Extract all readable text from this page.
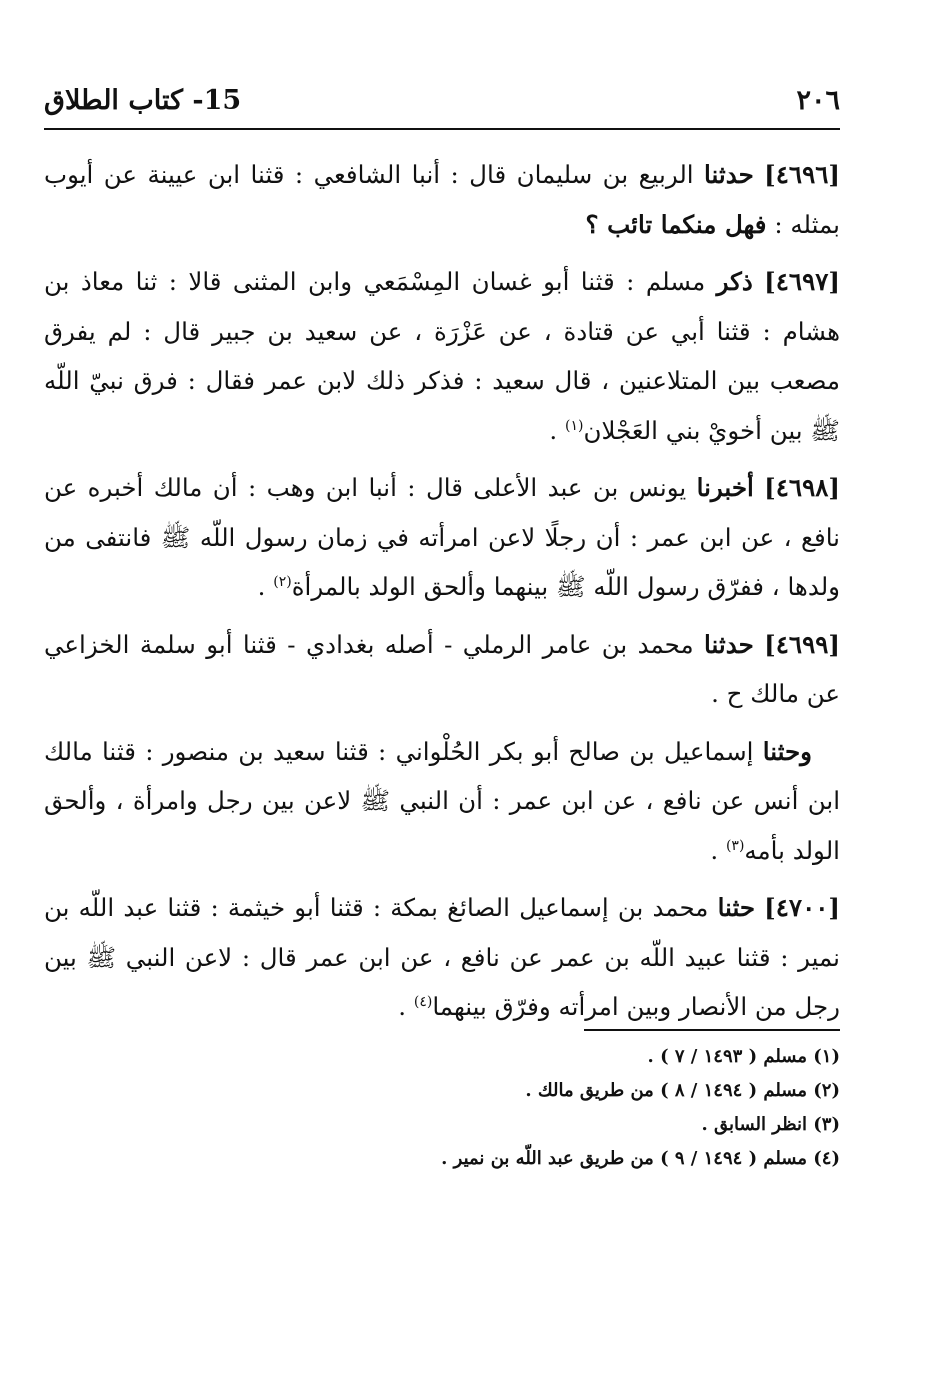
٢٠٦
15- كتاب الطلاق

[٤٦٩٦] حدثنا الربيع بن سليمان قال : أنبا الشافعي : قثنا ابن عيينة عن أيوب بمثله : فهل منكما تائب ؟

[٤٦٩٧] ذكر مسلم : قثنا أبو غسان المِسْمَعي وابن المثنى قالا : ثنا معاذ بن هشام : قثنا أبي عن قتادة ، عن عَزْرَة ، عن سعيد بن جبير قال : لم يفرق مصعب بين المتلاعنين ، قال سعيد : فذكر ذلك لابن عمر فقال : فرق نبيّ اللّه ﷺ بين أخويْ بني العَجْلان$^{(١)}$ .

[٤٦٩٨] أخبرنا يونس بن عبد الأعلى قال : أنبا ابن وهب : أن مالك أخبره عن نافع ، عن ابن عمر : أن رجلًا لاعن امرأته في زمان رسول اللّه ﷺ فانتفى من ولدها ، ففرّق رسول اللّه ﷺ بينهما وألحق الولد بالمرأة$^{(٢)}$ .

[٤٦٩٩] حدثنا محمد بن عامر الرملي - أصله بغدادي - قثنا أبو سلمة الخزاعي عن مالك ح .

وحثنا إسماعيل بن صالح أبو بكر الحُلْواني : قثنا سعيد بن منصور : قثنا مالك ابن أنس عن نافع ، عن ابن عمر : أن النبي ﷺ لاعن بين رجل وامرأة ، وألحق الولد بأمه$^{(٣)}$ .

[٤٧٠٠] حثنا محمد بن إسماعيل الصائغ بمكة : قثنا أبو خيثمة : قثنا عبد اللّه بن نمير : قثنا عبيد اللّه بن عمر عن نافع ، عن ابن عمر قال : لاعن النبي ﷺ بين رجل من الأنصار وبين امرأته وفرّق بينهما$^{(٤)}$ .

(١) مسلم ( ١٤٩٣ / ٧ ) .

(٢) مسلم ( ١٤٩٤ / ٨ ) من طريق مالك .

(٣) انظر السابق .

(٤) مسلم ( ١٤٩٤ / ٩ ) من طريق عبد اللّه بن نمير .
